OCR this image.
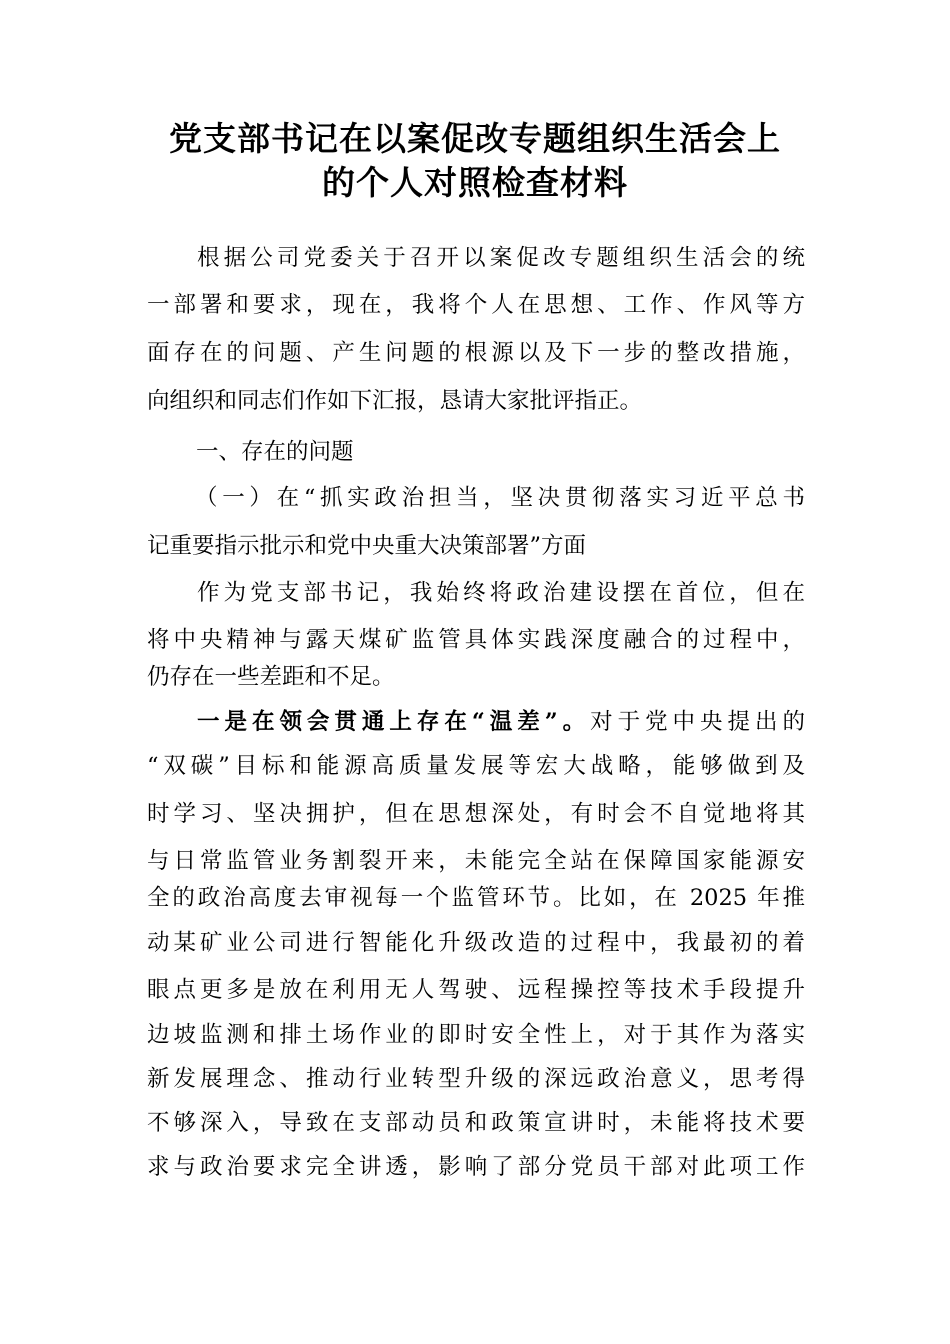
党支部书记在以案促改专题组织生活会上
的个人对照检查材料
根据公司党委关于召开以案促改专题组织生活会的统
一部署和要求，现在，我将个人在思想、工作、作风等方
面存在的问题、产生问题的根源以及下一步的整改措施，
向组织和同志们作如下汇报，恳请大家批评指正。
一、存在的问题
（一）在“抓实政治担当，坚决贯彻落实习近平总书
记重要指示批示和党中央重大决策部署”方面
作为党支部书记，我始终将政治建设摆在首位，但在
将中央精神与露天煤矿监管具体实践深度融合的过程中，
仍存在一些差距和不足。
一是在领会贯通上存在“温差”。对于党中央提出的
“双碳”目标和能源高质量发展等宏大战略，能够做到及
时学习、坚决拥护，但在思想深处，有时会不自觉地将其
与日常监管业务割裂开来，未能完全站在保障国家能源安
全的政治高度去审视每一个监管环节。比如，在 2025 年推
动某矿业公司进行智能化升级改造的过程中，我最初的着
眼点更多是放在利用无人驾驶、远程操控等技术手段提升
边坡监测和排土场作业的即时安全性上，对于其作为落实
新发展理念、推动行业转型升级的深远政治意义，思考得
不够深入，导致在支部动员和政策宣讲时，未能将技术要
求与政治要求完全讲透，影响了部分党员干部对此项工作
